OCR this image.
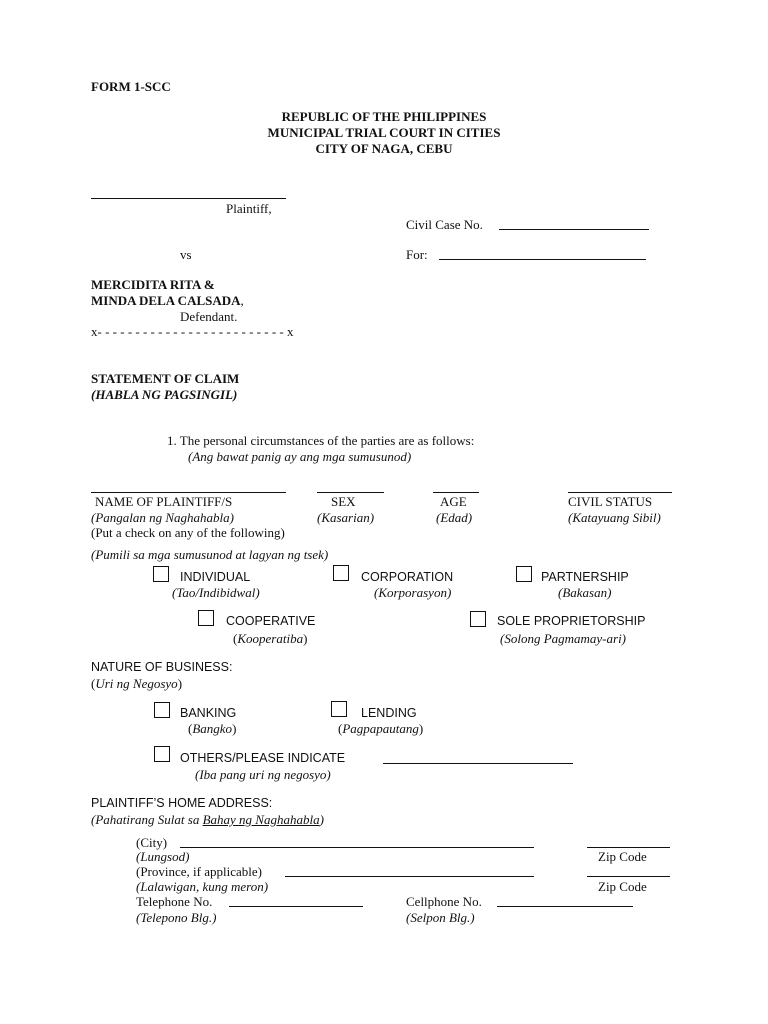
FORM 1-SCC
REPUBLIC OF THE PHILIPPINES
MUNICIPAL TRIAL COURT IN CITIES
CITY OF NAGA, CEBU
Plaintiff,
Civil Case No.
vs	For:
MERCIDITA RITA &
MINDA DELA CALSADA,
Defendant.
x- - - - - - - - - - - - - - - - - - - - - - - - - x
STATEMENT OF CLAIM
(HABLA NG PAGSINGIL)
1. The personal circumstances of the parties are as follows:
(Ang bawat panig ay ang mga sumusunod)
NAME OF PLAINTIFF/S	SEX	AGE	CIVIL STATUS
(Pangalan ng Naghahabla)	(Kasarian)	(Edad)	(Katayuang Sibil)
(Put a check on any of the following)
(Pumili sa mga sumusunod at lagyan ng tsek)
INDIVIDUAL
(Tao/Indibidwal)
CORPORATION
(Korporasyon)
PARTNERSHIP
(Bakasan)
COOPERATIVE
(Kooperatiba)
SOLE PROPRIETORSHIP
(Solong Pagmamay-ari)
NATURE OF BUSINESS:
(Uri ng Negosyo)
BANKING
(Bangko)
LENDING
(Pagpapautang)
OTHERS/PLEASE INDICATE
(Iba pang uri ng negosyo)
PLAINTIFF’S HOME ADDRESS:
(Pahatirang Sulat sa Bahay ng Naghahabla)
(City)
(Lungsod)	Zip Code
(Province, if applicable)
(Lalawigan, kung meron)	Zip Code
Telephone No.
(Telepono Blg.)
Cellphone No.
(Selpon Blg.)
